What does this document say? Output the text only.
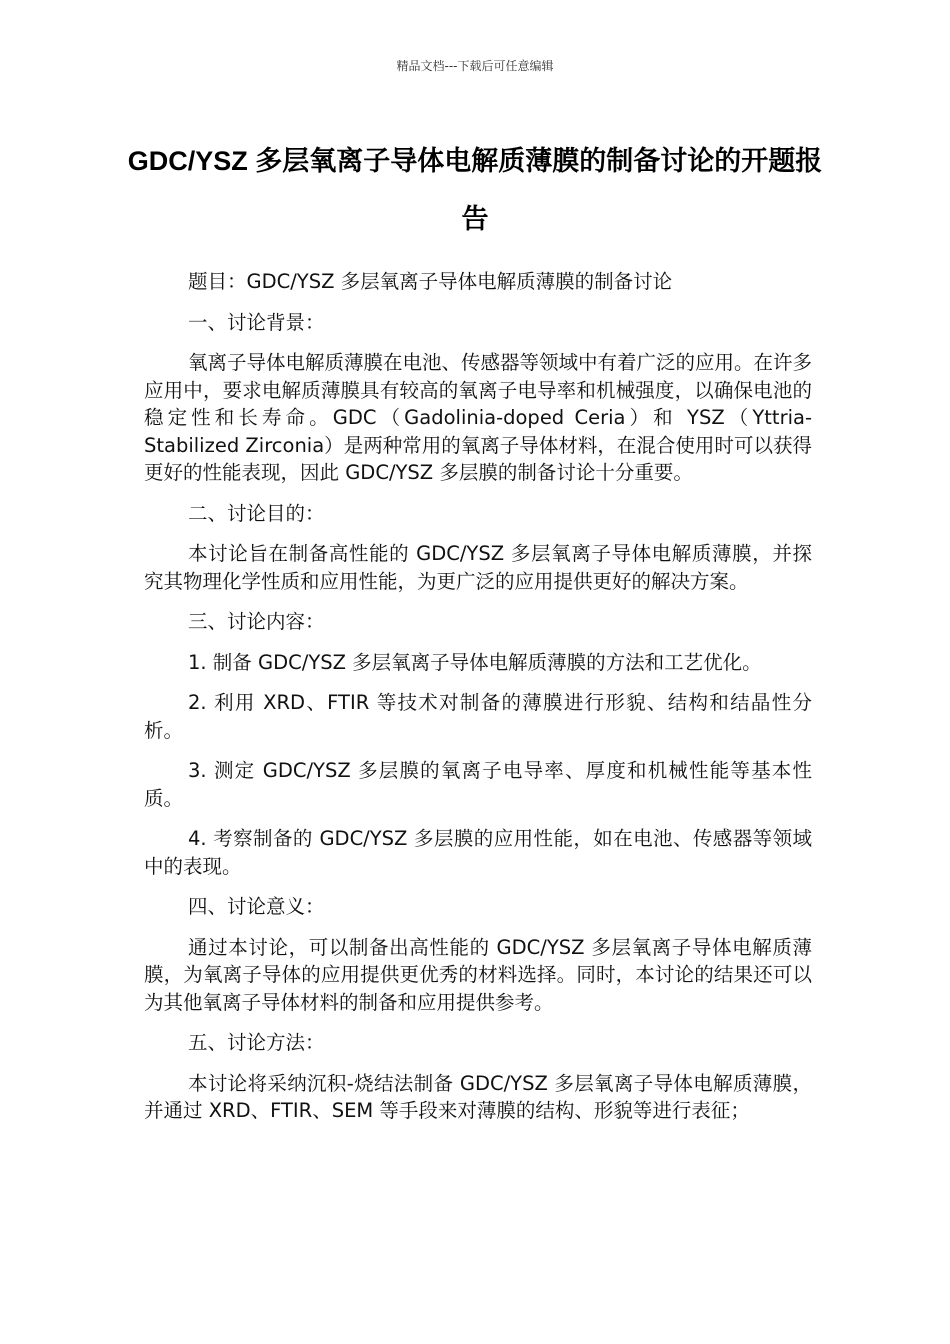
精品文档---下载后可任意编辑
GDC/YSZ 多层氧离子导体电解质薄膜的制备讨论的开题报告

题目：GDC/YSZ 多层氧离子导体电解质薄膜的制备讨论

一、讨论背景：

氧离子导体电解质薄膜在电池、传感器等领域中有着广泛的应用。在许多应用中，要求电解质薄膜具有较高的氧离子电导率和机械强度，以确保电池的稳定性和长寿命。GDC（Gadolinia-doped Ceria）和 YSZ（Yttria-Stabilized Zirconia）是两种常用的氧离子导体材料，在混合使用时可以获得更好的性能表现，因此 GDC/YSZ 多层膜的制备讨论十分重要。

二、讨论目的：

本讨论旨在制备高性能的 GDC/YSZ 多层氧离子导体电解质薄膜，并探究其物理化学性质和应用性能，为更广泛的应用提供更好的解决方案。

三、讨论内容：

1. 制备 GDC/YSZ 多层氧离子导体电解质薄膜的方法和工艺优化。

2. 利用 XRD、FTIR 等技术对制备的薄膜进行形貌、结构和结晶性分析。

3. 测定 GDC/YSZ 多层膜的氧离子电导率、厚度和机械性能等基本性质。

4. 考察制备的 GDC/YSZ 多层膜的应用性能，如在电池、传感器等领域中的表现。

四、讨论意义：

通过本讨论，可以制备出高性能的 GDC/YSZ 多层氧离子导体电解质薄膜，为氧离子导体的应用提供更优秀的材料选择。同时，本讨论的结果还可以为其他氧离子导体材料的制备和应用提供参考。

五、讨论方法：

本讨论将采纳沉积-烧结法制备 GDC/YSZ 多层氧离子导体电解质薄膜，并通过 XRD、FTIR、SEM 等手段来对薄膜的结构、形貌等进行表征；
